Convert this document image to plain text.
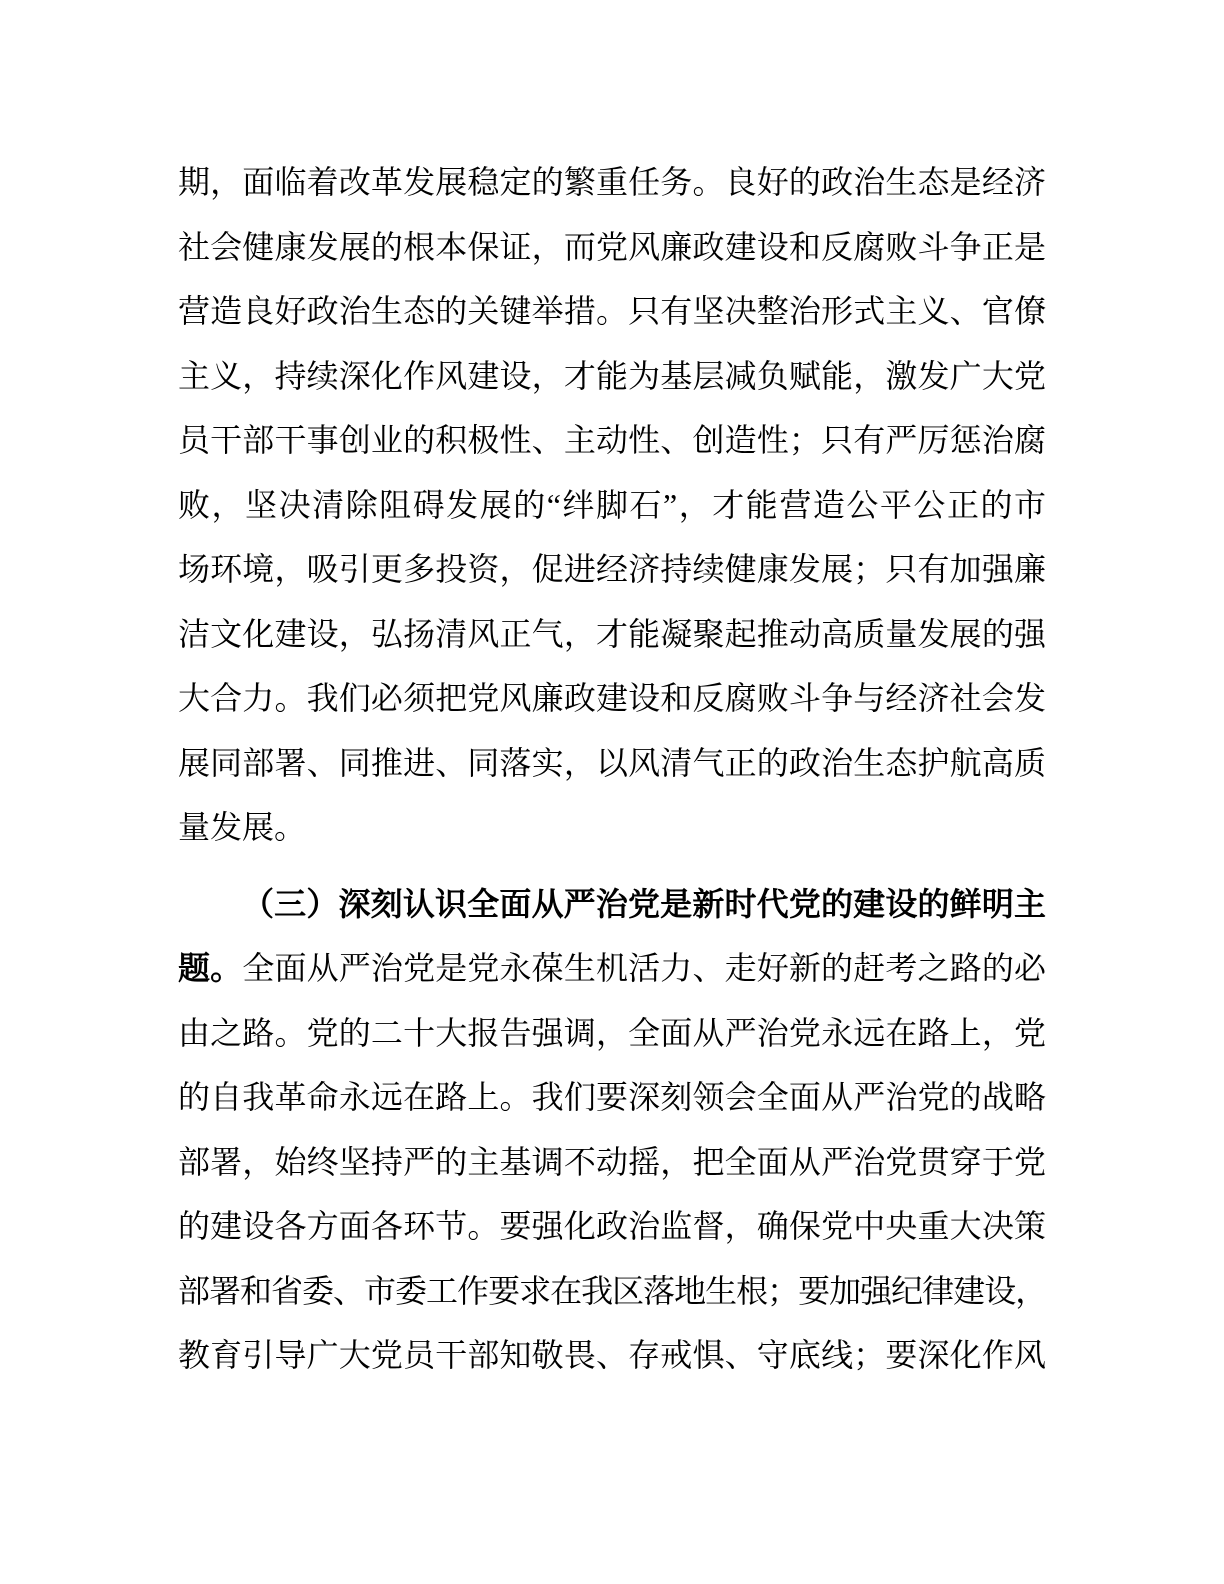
期，面临着改革发展稳定的繁重任务。良好的政治生态是经济
社会健康发展的根本保证，而党风廉政建设和反腐败斗争正是
营造良好政治生态的关键举措。只有坚决整治形式主义、官僚
主义，持续深化作风建设，才能为基层减负赋能，激发广大党
员干部干事创业的积极性、主动性、创造性；只有严厉惩治腐
败，坚决清除阻碍发展的“绊脚石”，才能营造公平公正的市
场环境，吸引更多投资，促进经济持续健康发展；只有加强廉
洁文化建设，弘扬清风正气，才能凝聚起推动高质量发展的强
大合力。我们必须把党风廉政建设和反腐败斗争与经济社会发
展同部署、同推进、同落实，以风清气正的政治生态护航高质
量发展。
（三）深刻认识全面从严治党是新时代党的建设的鲜明主
题。全面从严治党是党永葆生机活力、走好新的赶考之路的必
由之路。党的二十大报告强调，全面从严治党永远在路上，党
的自我革命永远在路上。我们要深刻领会全面从严治党的战略
部署，始终坚持严的主基调不动摇，把全面从严治党贯穿于党
的建设各方面各环节。要强化政治监督，确保党中央重大决策
部署和省委、市委工作要求在我区落地生根；要加强纪律建设，
教育引导广大党员干部知敬畏、存戒惧、守底线；要深化作风
